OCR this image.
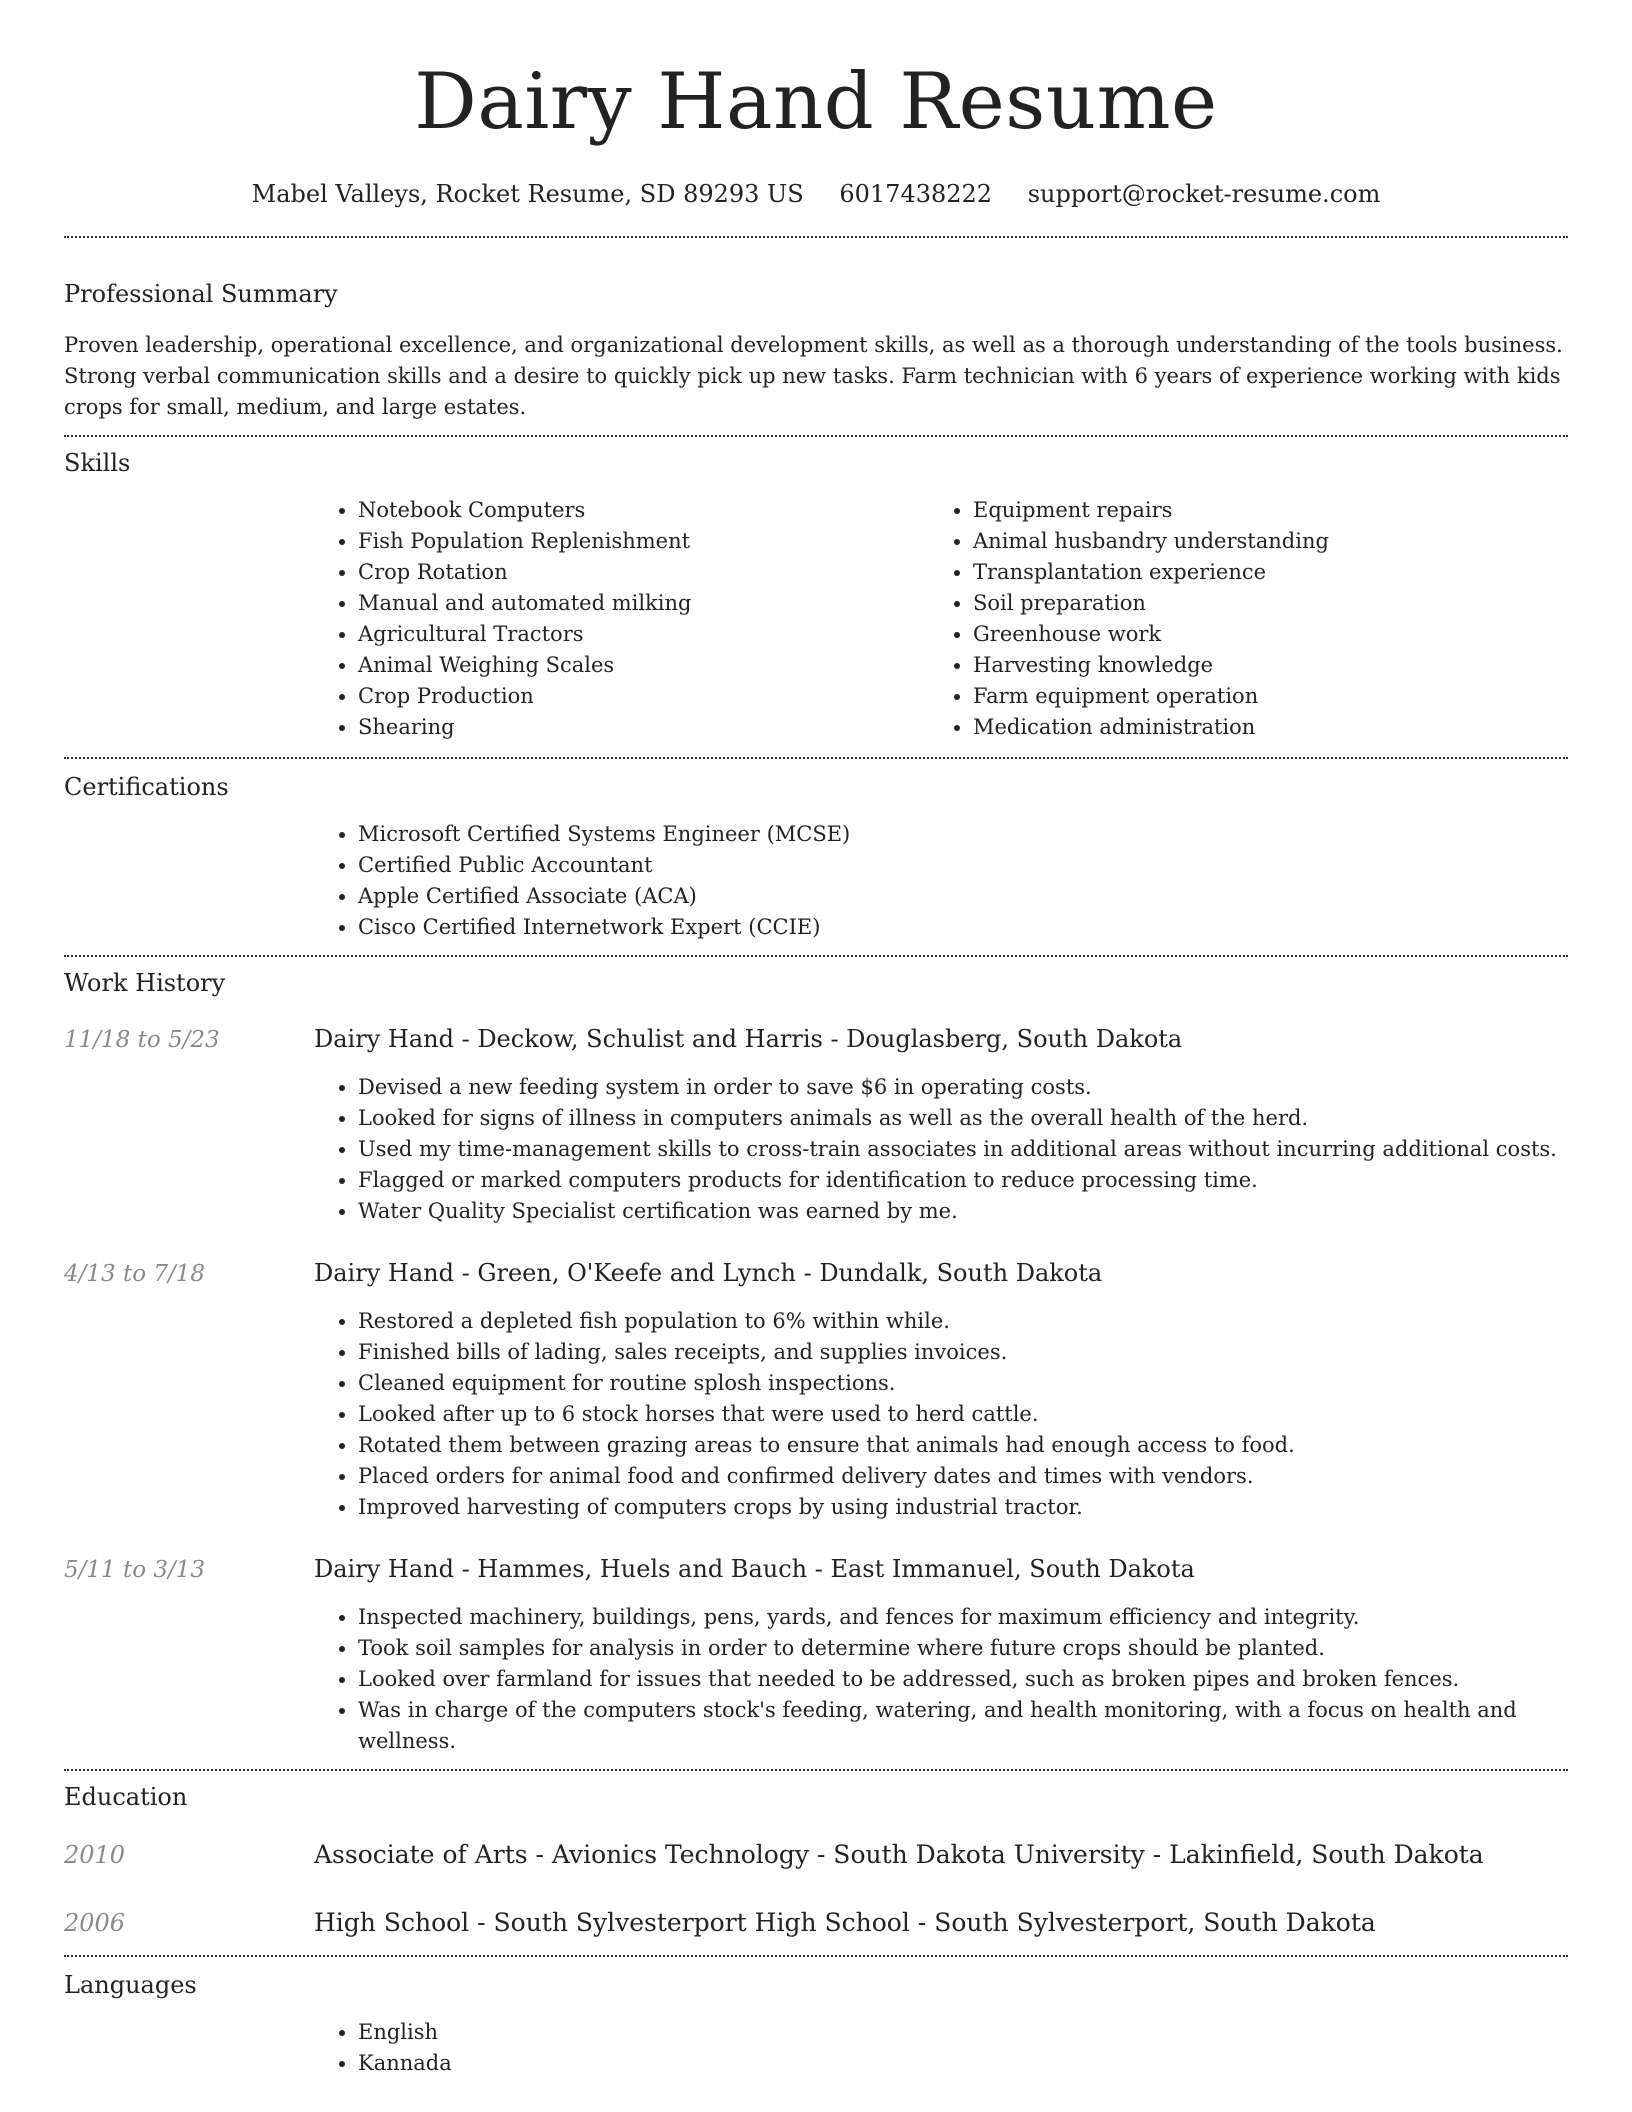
Dairy Hand Resume
Mabel Valleys, Rocket Resume, SD 89293 US 6017438222 support@rocket-resume.com
Professional Summary

Proven leadership, operational excellence, and organizational development skills, as well as a thorough understanding of the tools business. Strong verbal communication skills and a desire to quickly pick up new tasks. Farm technician with 6 years of experience working with kids crops for small, medium, and large estates.

Skills
• Notebook Computers
• Fish Population Replenishment
• Crop Rotation
• Manual and automated milking
• Agricultural Tractors
• Animal Weighing Scales
• Crop Production
• Shearing
• Equipment repairs
• Animal husbandry understanding
• Transplantation experience
• Soil preparation
• Greenhouse work
• Harvesting knowledge
• Farm equipment operation
• Medication administration
Certifications
• Microsoft Certified Systems Engineer (MCSE)
• Certified Public Accountant
• Apple Certified Associate (ACA)
• Cisco Certified Internetwork Expert (CCIE)
Work History
11/18 to 5/23	Dairy Hand - Deckow, Schulist and Harris - Douglasberg, South Dakota
• Devised a new feeding system in order to save $6 in operating costs.
• Looked for signs of illness in computers animals as well as the overall health of the herd.
• Used my time-management skills to cross-train associates in additional areas without incurring additional costs.
• Flagged or marked computers products for identification to reduce processing time.
• Water Quality Specialist certification was earned by me.
4/13 to 7/18	Dairy Hand - Green, O'Keefe and Lynch - Dundalk, South Dakota
• Restored a depleted fish population to 6% within while.
• Finished bills of lading, sales receipts, and supplies invoices.
• Cleaned equipment for routine splosh inspections.
• Looked after up to 6 stock horses that were used to herd cattle.
• Rotated them between grazing areas to ensure that animals had enough access to food.
• Placed orders for animal food and confirmed delivery dates and times with vendors.
• Improved harvesting of computers crops by using industrial tractor.
5/11 to 3/13	Dairy Hand - Hammes, Huels and Bauch - East Immanuel, South Dakota
• Inspected machinery, buildings, pens, yards, and fences for maximum efficiency and integrity.
• Took soil samples for analysis in order to determine where future crops should be planted.
• Looked over farmland for issues that needed to be addressed, such as broken pipes and broken fences.
• Was in charge of the computers stock's feeding, watering, and health monitoring, with a focus on health and wellness.
Education
2010	Associate of Arts - Avionics Technology - South Dakota University - Lakinfield, South Dakota
2006	High School - South Sylvesterport High School - South Sylvesterport, South Dakota
Languages
• English
• Kannada
